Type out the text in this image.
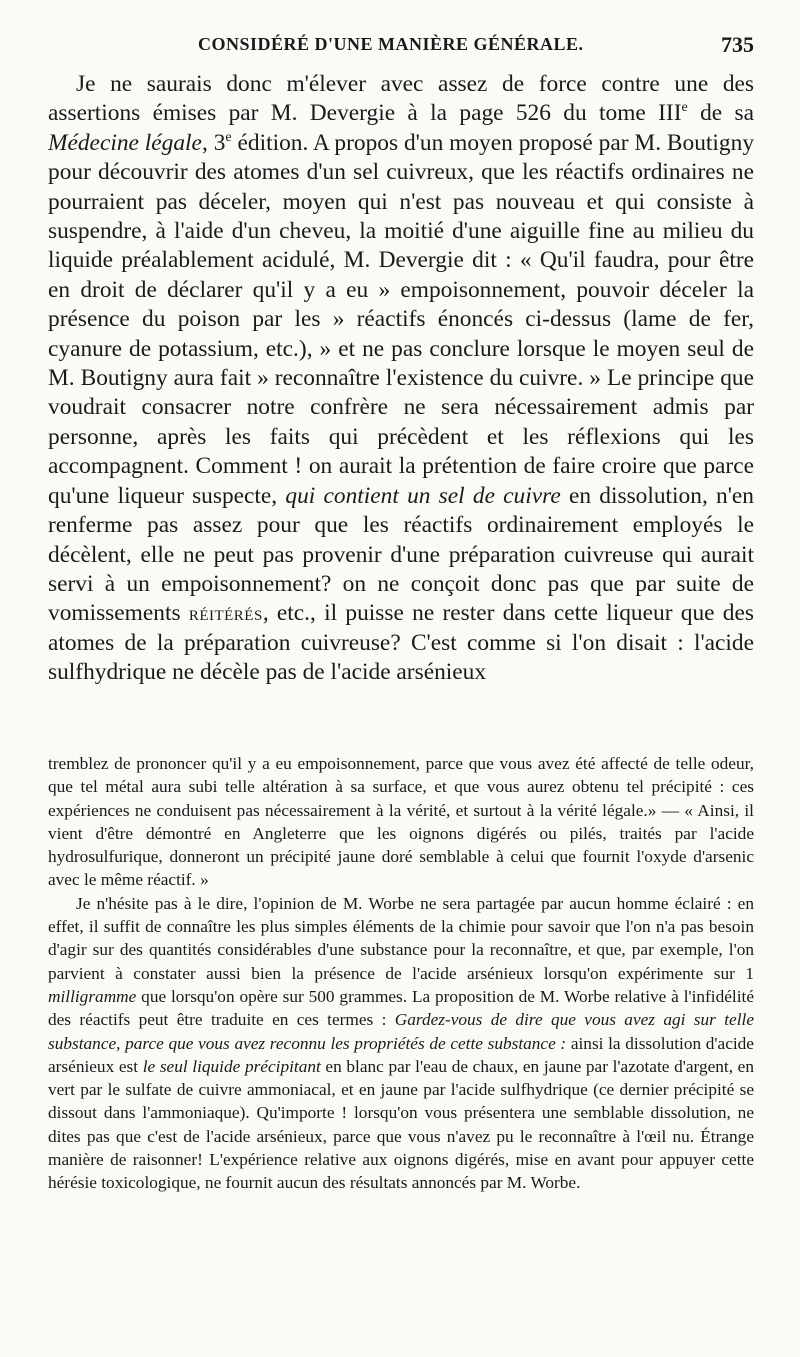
CONSIDÉRÉ D'UNE MANIÈRE GÉNÉRALE.	735

Je ne saurais donc m'élever avec assez de force contre une des assertions émises par M. Devergie à la page 526 du tome IIIe de sa Médecine légale, 3e édition. A propos d'un moyen proposé par M. Boutigny pour découvrir des atomes d'un sel cuivreux, que les réactifs ordinaires ne pourraient pas déceler, moyen qui n'est pas nouveau et qui consiste à suspendre, à l'aide d'un cheveu, la moitié d'une aiguille fine au milieu du liquide préalablement acidulé, M. Devergie dit : « Qu'il faudra, pour être en droit de déclarer qu'il y a eu » empoisonnement, pouvoir déceler la présence du poison par les » réactifs énoncés ci-dessus (lame de fer, cyanure de potassium, etc.), » et ne pas conclure lorsque le moyen seul de M. Boutigny aura fait » reconnaître l'existence du cuivre. » Le principe que voudrait consacrer notre confrère ne sera nécessairement admis par personne, après les faits qui précèdent et les réflexions qui les accompagnent. Comment ! on aurait la prétention de faire croire que parce qu'une liqueur suspecte, qui contient un sel de cuivre en dissolution, n'en renferme pas assez pour que les réactifs ordinairement employés le décèlent, elle ne peut pas provenir d'une préparation cuivreuse qui aurait servi à un empoisonnement? on ne conçoit donc pas que par suite de vomissements réitérés, etc., il puisse ne rester dans cette liqueur que des atomes de la préparation cuivreuse? C'est comme si l'on disait : l'acide sulfhydrique ne décèle pas de l'acide arsénieux

tremblez de prononcer qu'il y a eu empoisonnement, parce que vous avez été affecté de telle odeur, que tel métal aura subi telle altération à sa surface, et que vous aurez obtenu tel précipité : ces expériences ne conduisent pas nécessairement à la vérité, et surtout à la vérité légale.» — « Ainsi, il vient d'être démontré en Angleterre que les oignons digérés ou pilés, traités par l'acide hydrosulfurique, donneront un précipité jaune doré semblable à celui que fournit l'oxyde d'arsenic avec le même réactif. »

Je n'hésite pas à le dire, l'opinion de M. Worbe ne sera partagée par aucun homme éclairé : en effet, il suffit de connaître les plus simples éléments de la chimie pour savoir que l'on n'a pas besoin d'agir sur des quantités considérables d'une substance pour la reconnaître, et que, par exemple, l'on parvient à constater aussi bien la présence de l'acide arsénieux lorsqu'on expérimente sur 1 milligramme que lorsqu'on opère sur 500 grammes. La proposition de M. Worbe relative à l'infidélité des réactifs peut être traduite en ces termes : Gardez-vous de dire que vous avez agi sur telle substance, parce que vous avez reconnu les propriétés de cette substance : ainsi la dissolution d'acide arsénieux est le seul liquide précipitant en blanc par l'eau de chaux, en jaune par l'azotate d'argent, en vert par le sulfate de cuivre ammoniacal, et en jaune par l'acide sulfhydrique (ce dernier précipité se dissout dans l'ammoniaque). Qu'importe ! lorsqu'on vous présentera une semblable dissolution, ne dites pas que c'est de l'acide arsénieux, parce que vous n'avez pu le reconnaître à l'œil nu. Étrange manière de raisonner! L'expérience relative aux oignons digérés, mise en avant pour appuyer cette hérésie toxicologique, ne fournit aucun des résultats annoncés par M. Worbe.
